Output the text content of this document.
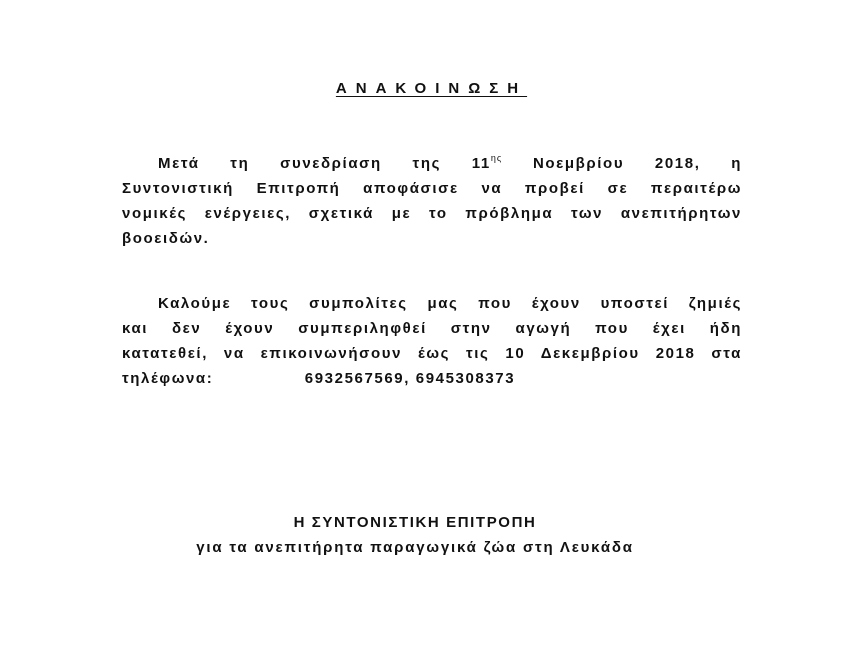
ΑΝΑΚΟΙΝΩΣΗ
Μετά τη συνεδρίαση της $11^{\eta\varsigma}$ Νοεμβρίου 2018, η
Συντονιστική Επιτροπή αποφάσισε να προβεί σε περαιτέρω
νομικές ενέργειες, σχετικά με το πρόβλημα των ανεπιτήρητων
βοοειδών.
Καλούμε τους συμπολίτες μας που έχουν υποστεί ζημιές
και δεν έχουν συμπεριληφθεί στην αγωγή που έχει ήδη
κατατεθεί, να επικοινωνήσουν έως τις 10 Δεκεμβρίου 2018 στα
τηλέφωνα:	6932567569, 6945308373
Η ΣΥΝΤΟΝΙΣΤΙΚΗ ΕΠΙΤΡΟΠΗ
για τα ανεπιτήρητα παραγωγικά ζώα στη Λευκάδα
